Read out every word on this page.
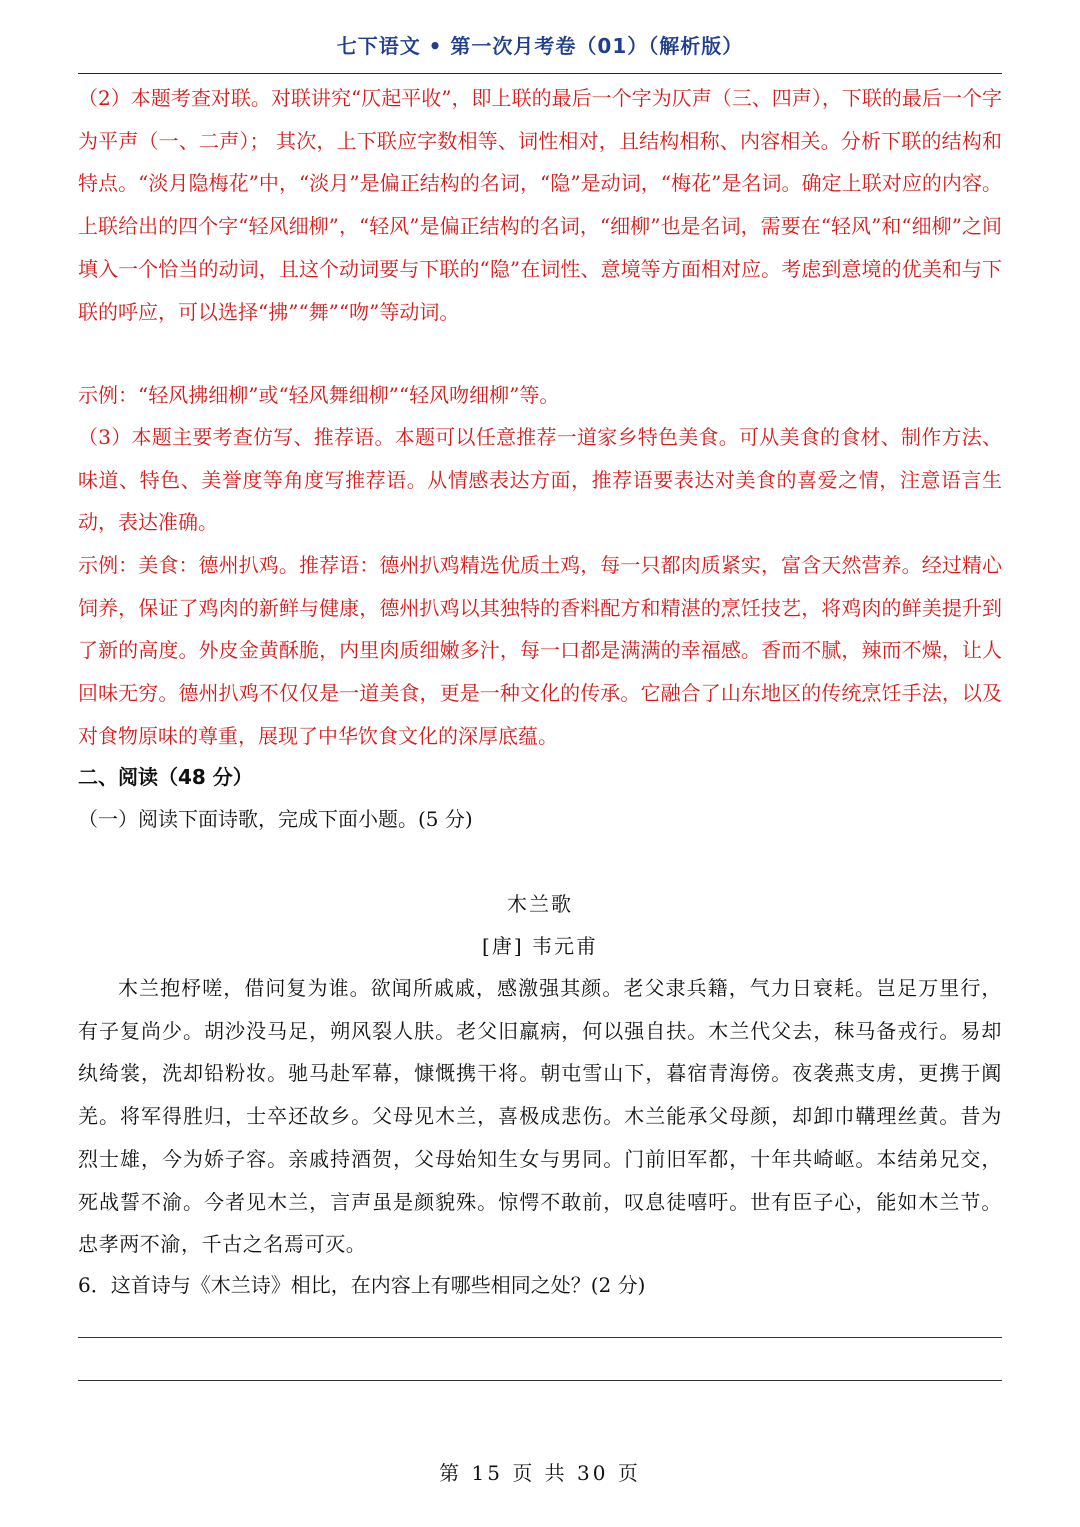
七下语文 • 第一次月考卷（01）（解析版）

（2）本题考查对联。对联讲究“仄起平收”，即上联的最后一个字为仄声（三、四声），下联的最后一个字为平声（一、二声）； 其次，上下联应字数相等、词性相对，且结构相称、内容相关。分析下联的结构和特点。“淡月隐梅花”中，“淡月”是偏正结构的名词，“隐”是动词，“梅花”是名词。确定上联对应的内容。上联给出的四个字“轻风细柳”，“轻风”是偏正结构的名词，“细柳”也是名词，需要在“轻风”和“细柳”之间填入一个恰当的动词，且这个动词要与下联的“隐”在词性、意境等方面相对应。考虑到意境的优美和与下联的呼应，可以选择“拂”“舞”“吻”等动词。

示例：“轻风拂细柳”或“轻风舞细柳”“轻风吻细柳”等。

（3）本题主要考查仿写、推荐语。本题可以任意推荐一道家乡特色美食。可从美食的食材、制作方法、味道、特色、美誉度等角度写推荐语。从情感表达方面，推荐语要表达对美食的喜爱之情，注意语言生动，表达准确。

示例：美食：德州扒鸡。推荐语：德州扒鸡精选优质土鸡，每一只都肉质紧实，富含天然营养。经过精心饲养，保证了鸡肉的新鲜与健康，德州扒鸡以其独特的香料配方和精湛的烹饪技艺，将鸡肉的鲜美提升到了新的高度。外皮金黄酥脆，内里肉质细嫩多汁，每一口都是满满的幸福感。香而不腻，辣而不燥，让人回味无穷。德州扒鸡不仅仅是一道美食，更是一种文化的传承。它融合了山东地区的传统烹饪手法，以及对食物原味的尊重，展现了中华饮食文化的深厚底蕴。

二、阅读（48 分）

（一）阅读下面诗歌，完成下面小题。(5 分)

木兰歌

[唐] 韦元甫

木兰抱杼嗟，借问复为谁。欲闻所戚戚，感激强其颜。老父隶兵籍，气力日衰耗。岂足万里行，有子复尚少。胡沙没马足，朔风裂人肤。老父旧羸病，何以强自扶。木兰代父去，秣马备戎行。易却纨绮裳，洗却铅粉妆。驰马赴军幕，慷慨携干将。朝屯雪山下，暮宿青海傍。夜袭燕支虏，更携于阗羌。将军得胜归，士卒还故乡。父母见木兰，喜极成悲伤。木兰能承父母颜，却卸巾鞲理丝黄。昔为烈士雄，今为娇子容。亲戚持酒贺，父母始知生女与男同。门前旧军都，十年共崎岖。本结弟兄交，死战誓不渝。今者见木兰，言声虽是颜貌殊。惊愕不敢前，叹息徒嘻吁。世有臣子心，能如木兰节。忠孝两不渝，千古之名焉可灭。

6．这首诗与《木兰诗》相比，在内容上有哪些相同之处？(2 分)

第 15 页 共 30 页
